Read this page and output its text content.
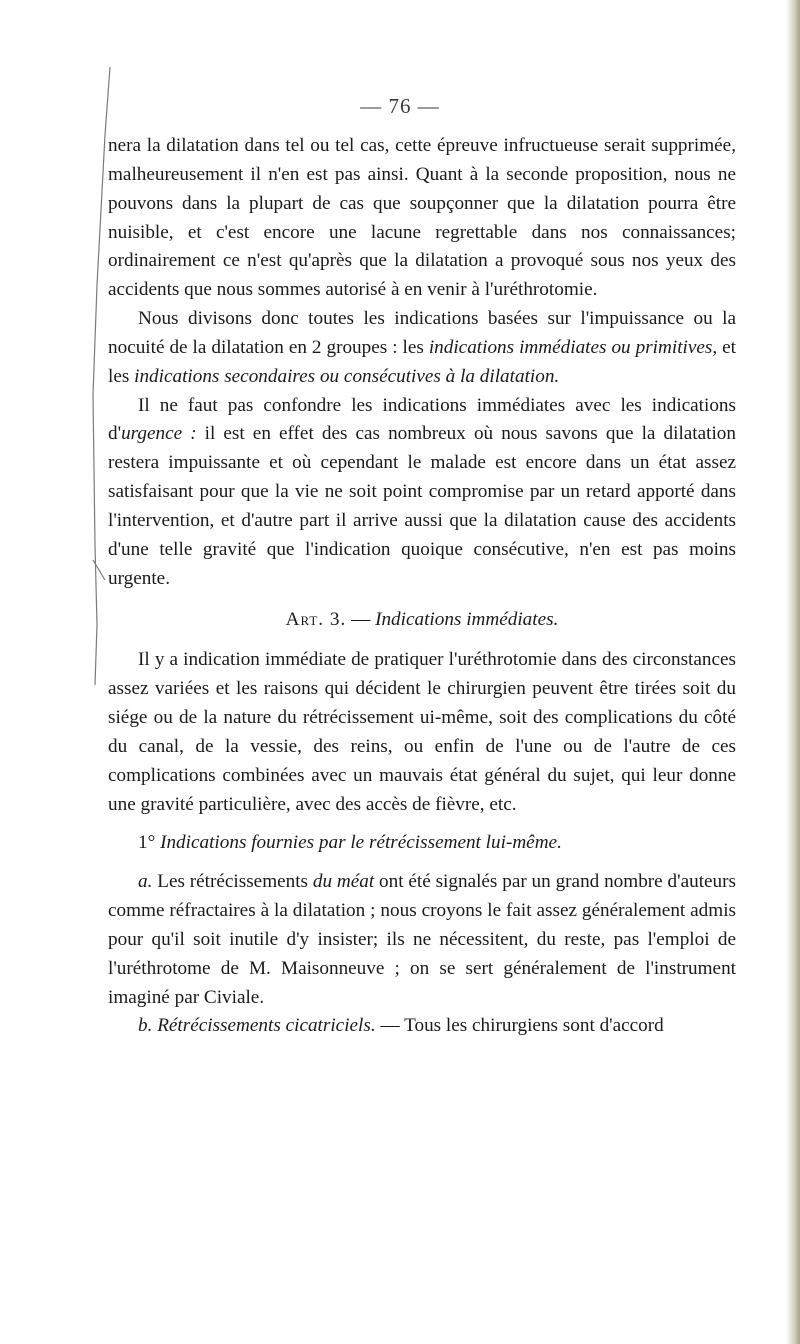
— 76 —

nera la dilatation dans tel ou tel cas, cette épreuve infructueuse serait supprimée, malheureusement il n'en est pas ainsi. Quant à la seconde proposition, nous ne pouvons dans la plupart de cas que soupçonner que la dilatation pourra être nuisible, et c'est encore une lacune regrettable dans nos connaissances; ordinairement ce n'est qu'après que la dilatation a provoqué sous nos yeux des accidents que nous sommes autorisé à en venir à l'uréthrotomie.

Nous divisons donc toutes les indications basées sur l'impuissance ou la nocuité de la dilatation en 2 groupes : les indications immédiates ou primitives, et les indications secondaires ou consécutives à la dilatation.

Il ne faut pas confondre les indications immédiates avec les indications d'urgence : il est en effet des cas nombreux où nous savons que la dilatation restera impuissante et où cependant le malade est encore dans un état assez satisfaisant pour que la vie ne soit point compromise par un retard apporté dans l'intervention, et d'autre part il arrive aussi que la dilatation cause des accidents d'une telle gravité que l'indication quoique consécutive, n'en est pas moins urgente.

Art. 3. — Indications immédiates.

Il y a indication immédiate de pratiquer l'uréthrotomie dans des circonstances assez variées et les raisons qui décident le chirurgien peuvent être tirées soit du siége ou de la nature du rétrécissement ui-même, soit des complications du côté du canal, de la vessie, des reins, ou enfin de l'une ou de l'autre de ces complications combinées avec un mauvais état général du sujet, qui leur donne une gravité particulière, avec des accès de fièvre, etc.

1° Indications fournies par le rétrécissement lui-même.

a. Les rétrécissements du méat ont été signalés par un grand nombre d'auteurs comme réfractaires à la dilatation ; nous croyons le fait assez généralement admis pour qu'il soit inutile d'y insister; ils ne nécessitent, du reste, pas l'emploi de l'uréthrotome de M. Maisonneuve ; on se sert généralement de l'instrument imaginé par Civiale.

b. Rétrécissements cicatriciels. — Tous les chirurgiens sont d'accord
